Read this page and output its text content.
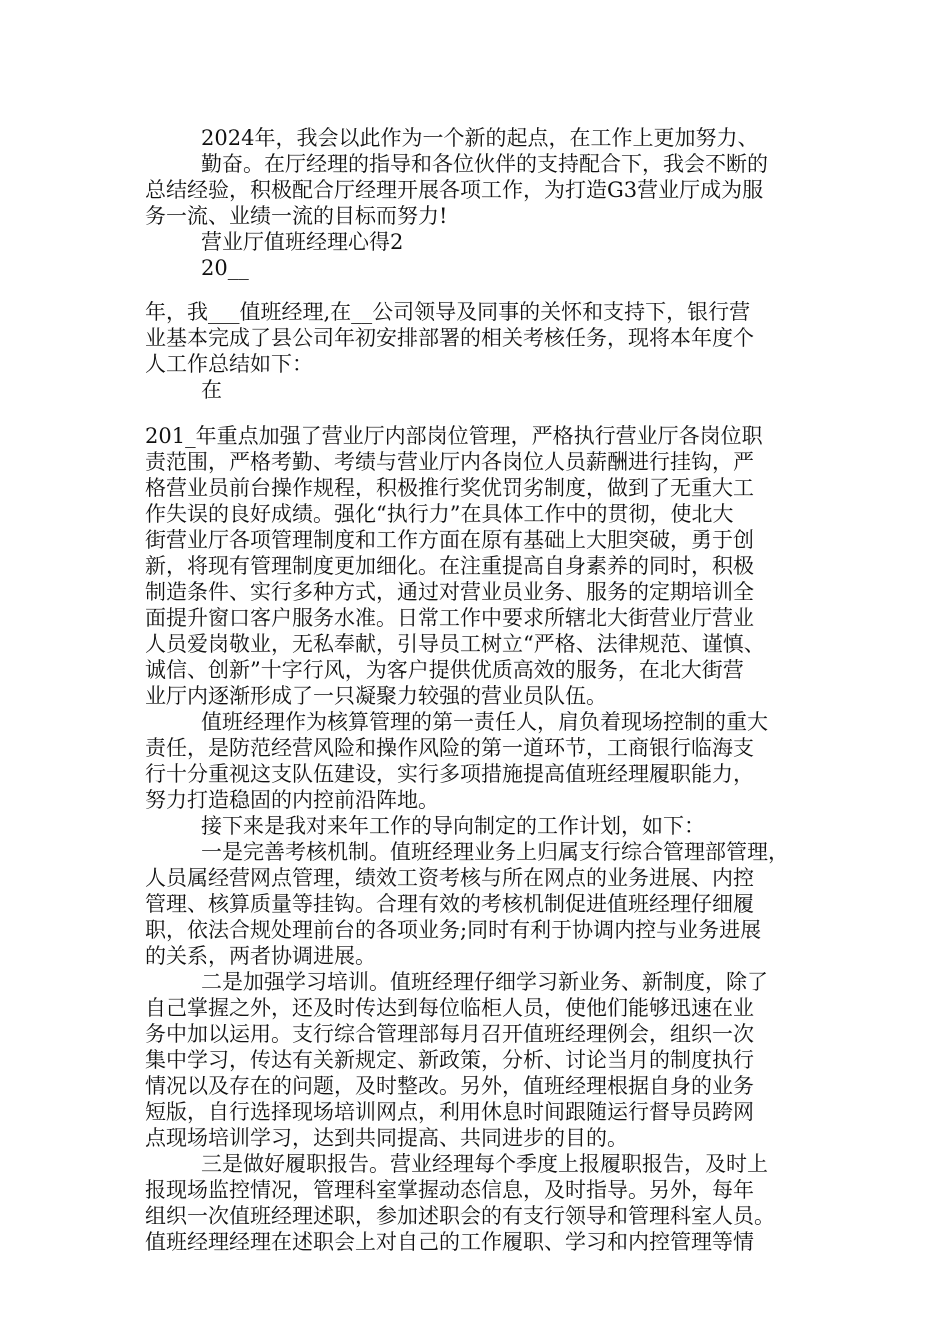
2024年，我会以此作为一个新的起点，在工作上更加努力、
勤奋。在厅经理的指导和各位伙伴的支持配合下，我会不断的
总结经验，积极配合厅经理开展各项工作，为打造G3营业厅成为服
务一流、业绩一流的目标而努力!
营业厅值班经理心得2
20__
年，我___值班经理,在__公司领导及同事的关怀和支持下，银行营
业基本完成了县公司年初安排部署的相关考核任务，现将本年度个
人工作总结如下：
在
201_年重点加强了营业厅内部岗位管理，严格执行营业厅各岗位职
责范围，严格考勤、考绩与营业厅内各岗位人员薪酬进行挂钩，严
格营业员前台操作规程，积极推行奖优罚劣制度，做到了无重大工
作失误的良好成绩。强化“执行力”在具体工作中的贯彻，使北大
街营业厅各项管理制度和工作方面在原有基础上大胆突破，勇于创
新，将现有管理制度更加细化。在注重提高自身素养的同时，积极
制造条件、实行多种方式，通过对营业员业务、服务的定期培训全
面提升窗口客户服务水准。日常工作中要求所辖北大街营业厅营业
人员爱岗敬业，无私奉献，引导员工树立“严格、法律规范、谨慎、
诚信、创新”十字行风，为客户提供优质高效的服务，在北大街营
业厅内逐渐形成了一只凝聚力较强的营业员队伍。
值班经理作为核算管理的第一责任人，肩负着现场控制的重大
责任，是防范经营风险和操作风险的第一道环节，工商银行临海支
行十分重视这支队伍建设，实行多项措施提高值班经理履职能力，
努力打造稳固的内控前沿阵地。
接下来是我对来年工作的导向制定的工作计划，如下：
一是完善考核机制。值班经理业务上归属支行综合管理部管理，
人员属经营网点管理，绩效工资考核与所在网点的业务进展、内控
管理、核算质量等挂钩。合理有效的考核机制促进值班经理仔细履
职，依法合规处理前台的各项业务;同时有利于协调内控与业务进展
的关系，两者协调进展。
二是加强学习培训。值班经理仔细学习新业务、新制度，除了
自己掌握之外，还及时传达到每位临柜人员，使他们能够迅速在业
务中加以运用。支行综合管理部每月召开值班经理例会，组织一次
集中学习，传达有关新规定、新政策，分析、讨论当月的制度执行
情况以及存在的问题，及时整改。另外，值班经理根据自身的业务
短版，自行选择现场培训网点，利用休息时间跟随运行督导员跨网
点现场培训学习，达到共同提高、共同进步的目的。
三是做好履职报告。营业经理每个季度上报履职报告，及时上
报现场监控情况，管理科室掌握动态信息，及时指导。另外，每年
组织一次值班经理述职，参加述职会的有支行领导和管理科室人员。
值班经理经理在述职会上对自己的工作履职、学习和内控管理等情
